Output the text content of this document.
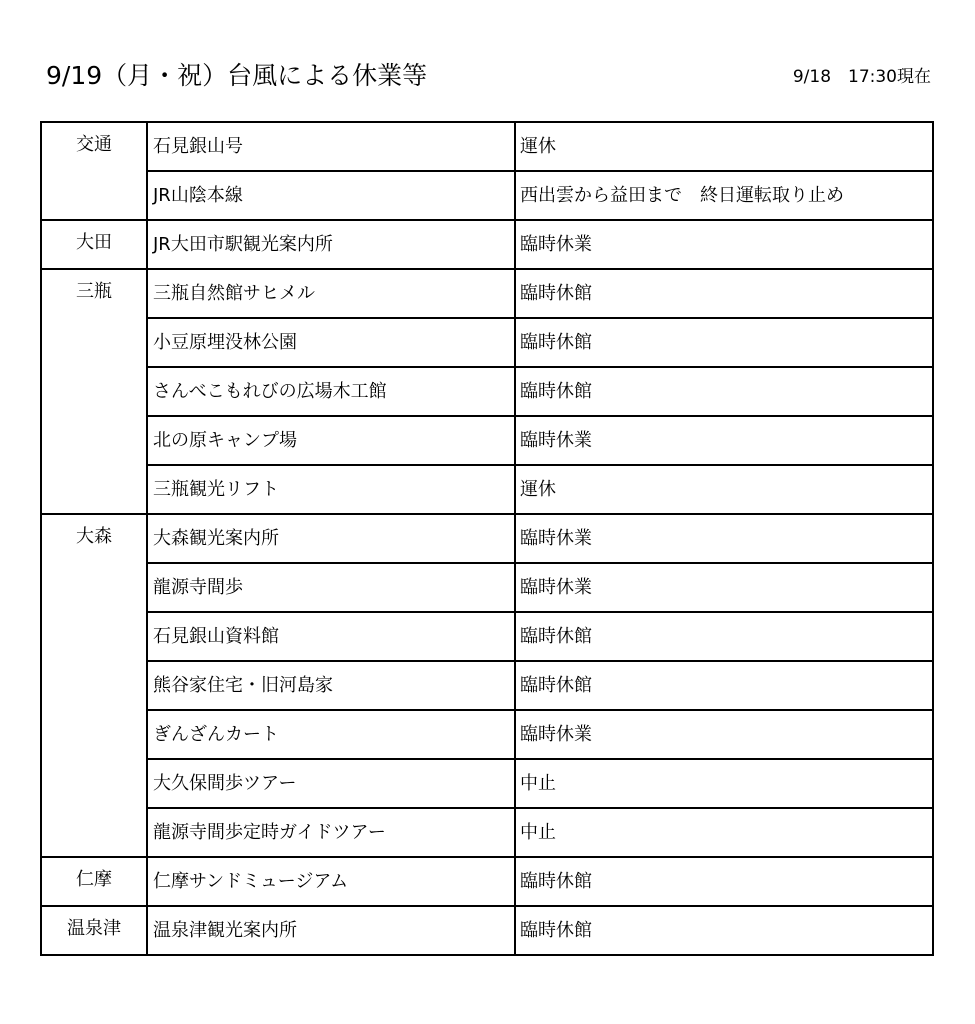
9/19（月・祝）台風による休業等	9/18　17:30現在
交通	石見銀山号	運休
	JR山陰本線	西出雲から益田まで　終日運転取り止め
大田	JR大田市駅観光案内所	臨時休業
三瓶	三瓶自然館サヒメル	臨時休館
	小豆原埋没林公園	臨時休館
	さんべこもれびの広場木工館	臨時休館
	北の原キャンプ場	臨時休業
	三瓶観光リフト	運休
大森	大森観光案内所	臨時休業
	龍源寺間歩	臨時休業
	石見銀山資料館	臨時休館
	熊谷家住宅・旧河島家	臨時休館
	ぎんざんカート	臨時休業
	大久保間歩ツアー	中止
	龍源寺間歩定時ガイドツアー	中止
仁摩	仁摩サンドミュージアム	臨時休館
温泉津	温泉津観光案内所	臨時休館
